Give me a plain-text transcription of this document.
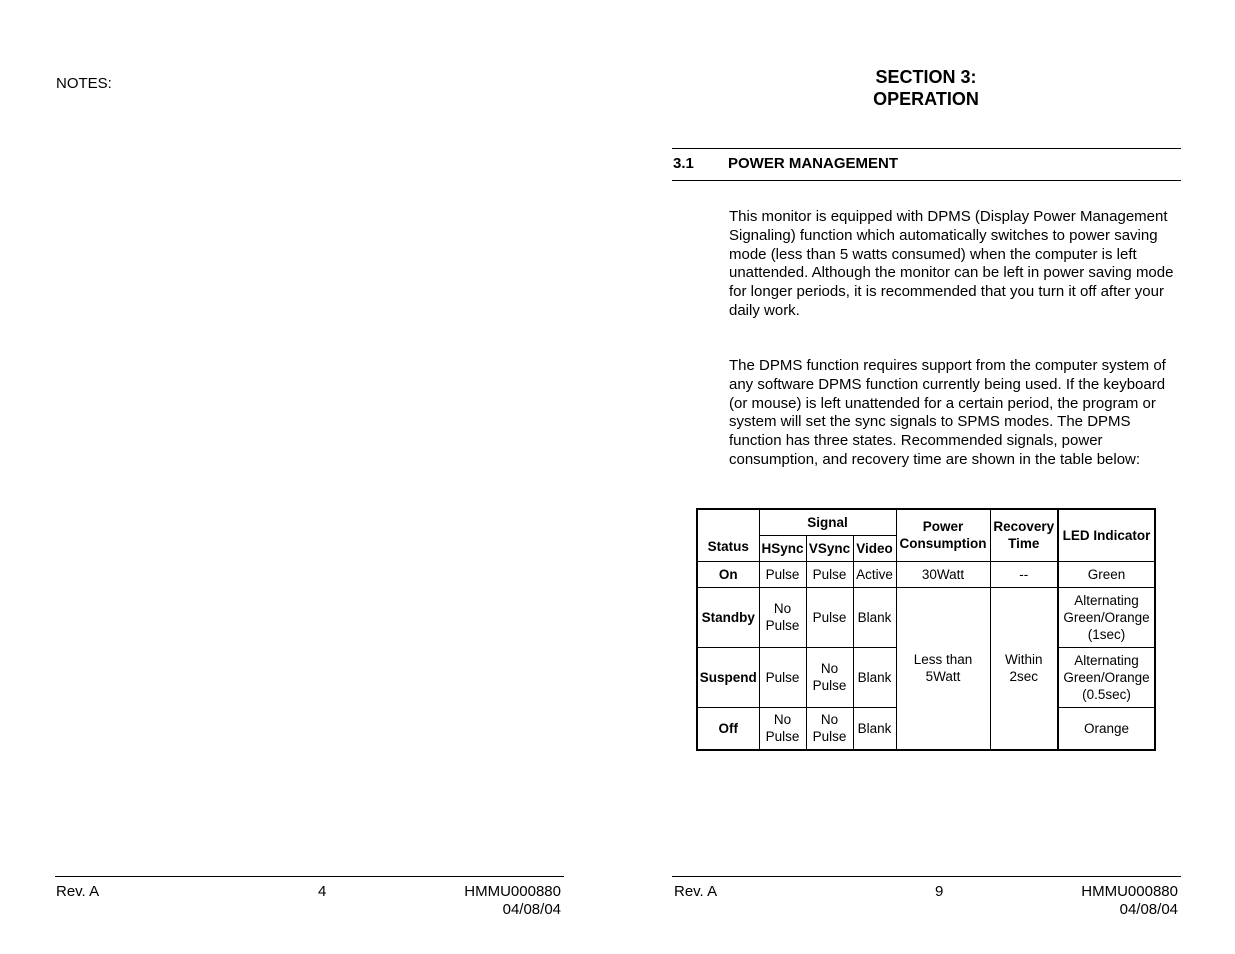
NOTES:
Rev. A	4	HMMU000880
04/08/04
SECTION 3:
OPERATION
3.1 POWER MANAGEMENT
This monitor is equipped with DPMS (Display Power Management Signaling) function which automatically switches to power saving mode (less than 5 watts consumed) when the computer is left unattended. Although the monitor can be left in power saving mode for longer periods, it is recommended that you turn it off after your daily work.
The DPMS function requires support from the computer system of any software DPMS function currently being used. If the keyboard (or mouse) is left unattended for a certain period, the program or system will set the sync signals to SPMS modes. The DPMS function has three states. Recommended signals, power consumption, and recovery time are shown in the table below:
Status	Signal			Power Consumption	Recovery Time	LED Indicator
	HSync	VSync	Video			
On	Pulse	Pulse	Active	30Watt	--	Green
Standby	No Pulse	Pulse	Blank	Less than 5Watt	Within 2sec	Alternating Green/Orange (1sec)
Suspend	Pulse	No Pulse	Blank			Alternating Green/Orange (0.5sec)
Off	No Pulse	No Pulse	Blank			Orange
Rev. A	9	HMMU000880
04/08/04
